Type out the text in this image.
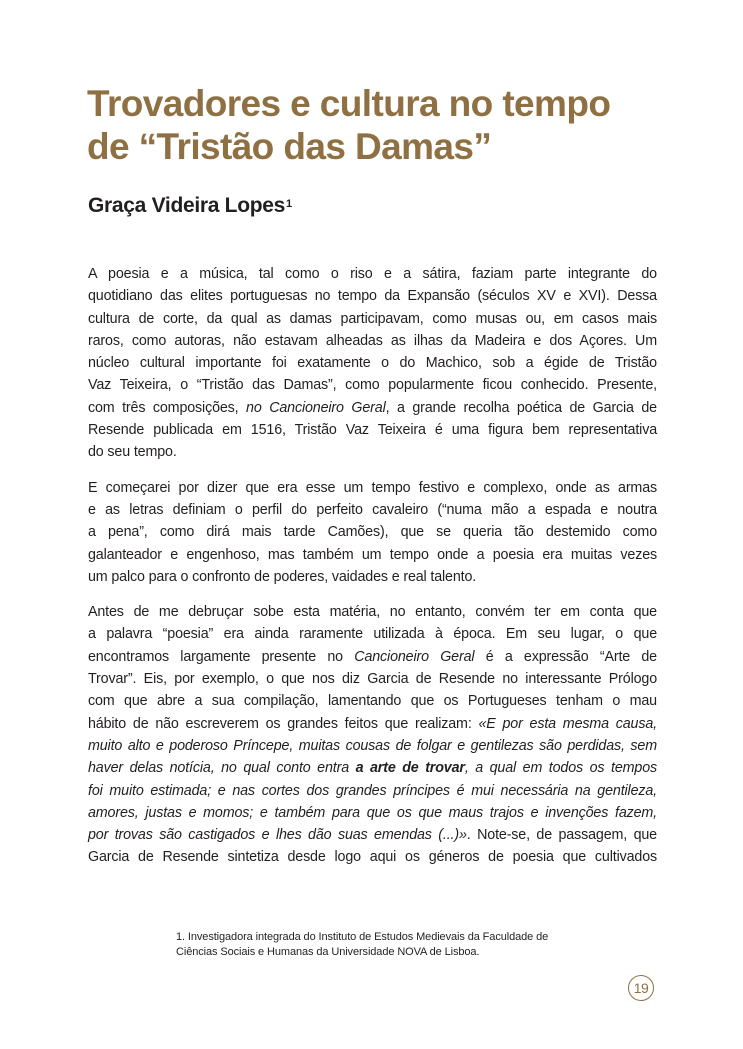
Trovadores e cultura no tempo
de “Tristão das Damas”
Graça Videira Lopes$^1$

A poesia e a música, tal como o riso e a sátira, faziam parte integrante do
quotidiano das elites portuguesas no tempo da Expansão (séculos XV e XVI). Dessa
cultura de corte, da qual as damas participavam, como musas ou, em casos mais
raros, como autoras, não estavam alheadas as ilhas da Madeira e dos Açores. Um
núcleo cultural importante foi exatamente o do Machico, sob a égide de Tristão
Vaz Teixeira, o “Tristão das Damas”, como popularmente ficou conhecido. Presente,
com três composições, no Cancioneiro Geral, a grande recolha poética de Garcia de
Resende publicada em 1516, Tristão Vaz Teixeira é uma figura bem representativa
do seu tempo.

E começarei por dizer que era esse um tempo festivo e complexo, onde as armas
e as letras definiam o perfil do perfeito cavaleiro (“numa mão a espada e noutra
a pena”, como dirá mais tarde Camões), que se queria tão destemido como
galanteador e engenhoso, mas também um tempo onde a poesia era muitas vezes
um palco para o confronto de poderes, vaidades e real talento.

Antes de me debruçar sobe esta matéria, no entanto, convém ter em conta que
a palavra “poesia” era ainda raramente utilizada à época. Em seu lugar, o que
encontramos largamente presente no Cancioneiro Geral é a expressão “Arte de
Trovar”. Eis, por exemplo, o que nos diz Garcia de Resende no interessante Prólogo
com que abre a sua compilação, lamentando que os Portugueses tenham o mau
hábito de não escreverem os grandes feitos que realizam: «E por esta mesma causa,
muito alto e poderoso Príncepe, muitas cousas de folgar e gentilezas são perdidas, sem
haver delas notícia, no qual conto entra a arte de trovar, a qual em todos os tempos
foi muito estimada; e nas cortes dos grandes príncipes é mui necessária na gentileza,
amores, justas e momos; e também para que os que maus trajos e invenções fazem,
por trovas são castigados e lhes dão suas emendas (...)». Note-se, de passagem, que
Garcia de Resende sintetiza desde logo aqui os géneros de poesia que cultivados

1. Investigadora integrada do Instituto de Estudos Medievais da Faculdade de
Ciências Sociais e Humanas da Universidade NOVA de Lisboa.
19
